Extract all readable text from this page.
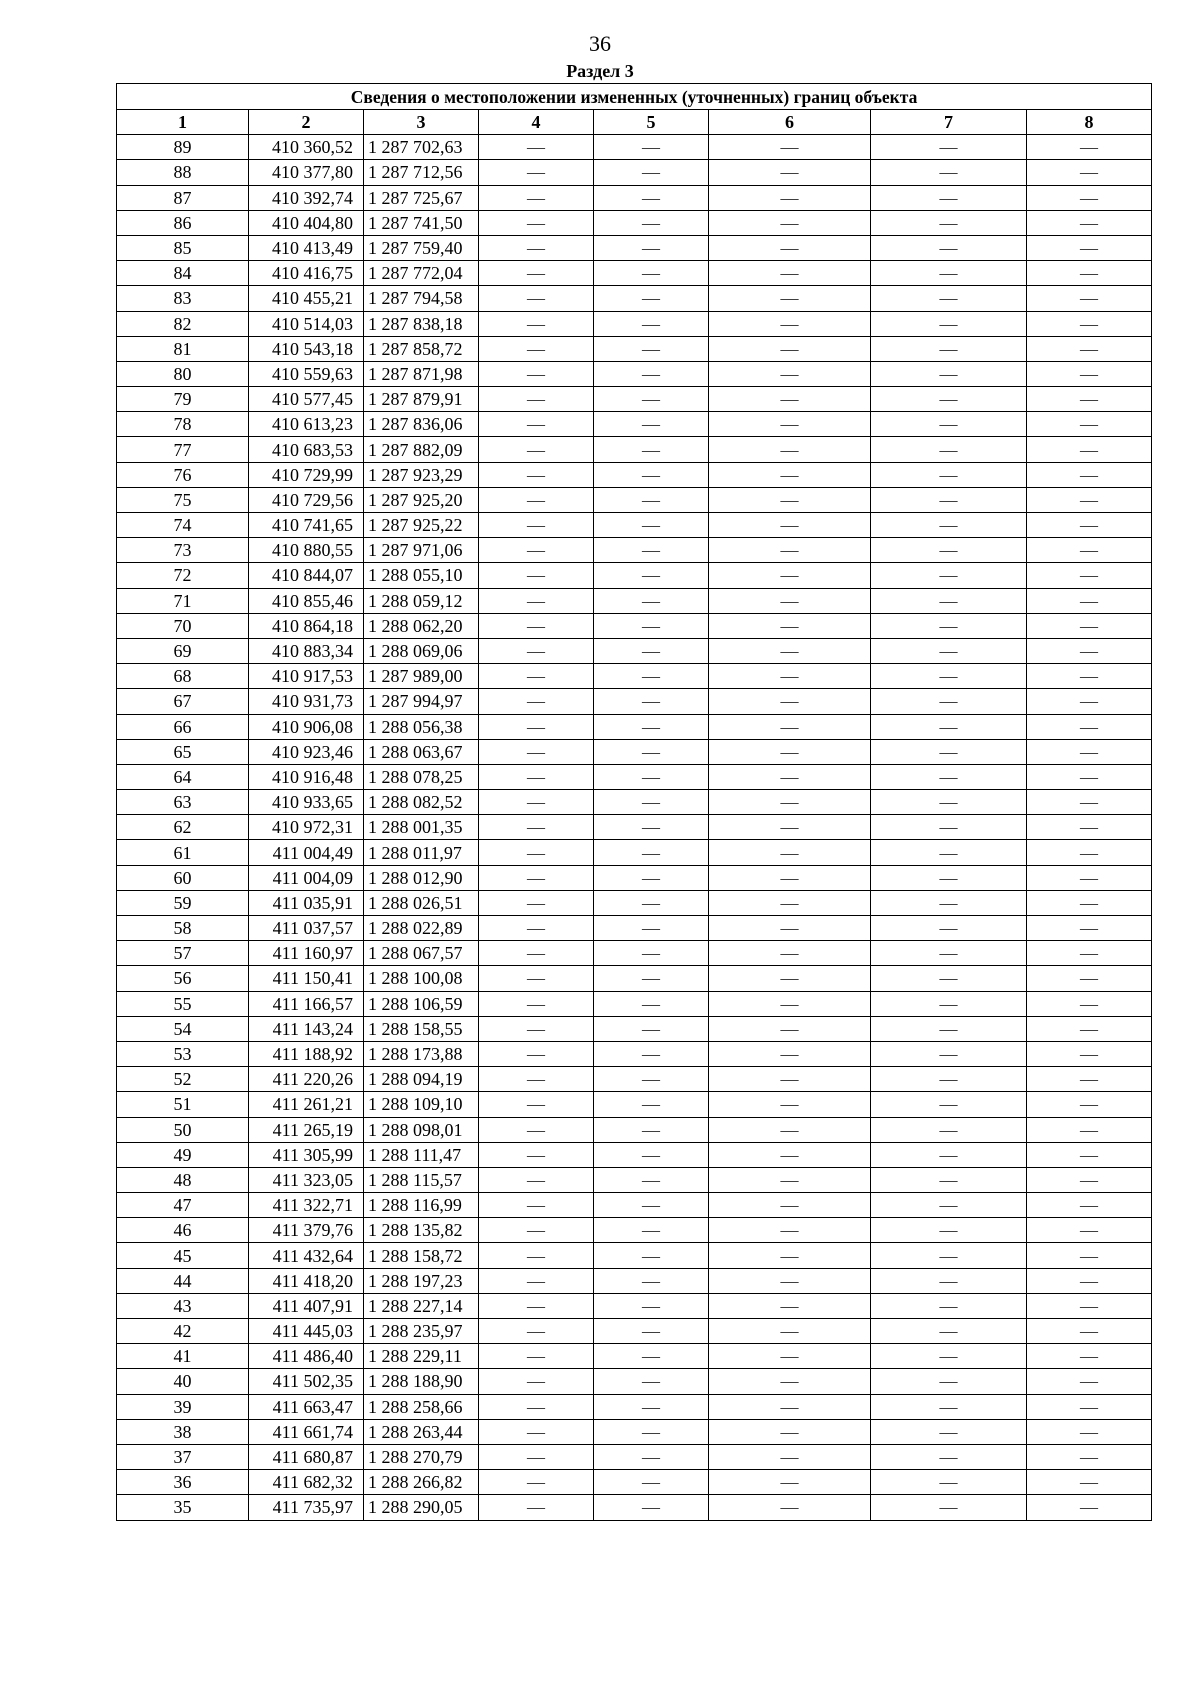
36
Раздел 3
Сведения о местоположении измененных (уточненных) границ объекта							
1	2	3	4	5	6	7	8
89	410 360,52	1 287 702,63	—	—	—	—	—
88	410 377,80	1 287 712,56	—	—	—	—	—
87	410 392,74	1 287 725,67	—	—	—	—	—
86	410 404,80	1 287 741,50	—	—	—	—	—
85	410 413,49	1 287 759,40	—	—	—	—	—
84	410 416,75	1 287 772,04	—	—	—	—	—
83	410 455,21	1 287 794,58	—	—	—	—	—
82	410 514,03	1 287 838,18	—	—	—	—	—
81	410 543,18	1 287 858,72	—	—	—	—	—
80	410 559,63	1 287 871,98	—	—	—	—	—
79	410 577,45	1 287 879,91	—	—	—	—	—
78	410 613,23	1 287 836,06	—	—	—	—	—
77	410 683,53	1 287 882,09	—	—	—	—	—
76	410 729,99	1 287 923,29	—	—	—	—	—
75	410 729,56	1 287 925,20	—	—	—	—	—
74	410 741,65	1 287 925,22	—	—	—	—	—
73	410 880,55	1 287 971,06	—	—	—	—	—
72	410 844,07	1 288 055,10	—	—	—	—	—
71	410 855,46	1 288 059,12	—	—	—	—	—
70	410 864,18	1 288 062,20	—	—	—	—	—
69	410 883,34	1 288 069,06	—	—	—	—	—
68	410 917,53	1 287 989,00	—	—	—	—	—
67	410 931,73	1 287 994,97	—	—	—	—	—
66	410 906,08	1 288 056,38	—	—	—	—	—
65	410 923,46	1 288 063,67	—	—	—	—	—
64	410 916,48	1 288 078,25	—	—	—	—	—
63	410 933,65	1 288 082,52	—	—	—	—	—
62	410 972,31	1 288 001,35	—	—	—	—	—
61	411 004,49	1 288 011,97	—	—	—	—	—
60	411 004,09	1 288 012,90	—	—	—	—	—
59	411 035,91	1 288 026,51	—	—	—	—	—
58	411 037,57	1 288 022,89	—	—	—	—	—
57	411 160,97	1 288 067,57	—	—	—	—	—
56	411 150,41	1 288 100,08	—	—	—	—	—
55	411 166,57	1 288 106,59	—	—	—	—	—
54	411 143,24	1 288 158,55	—	—	—	—	—
53	411 188,92	1 288 173,88	—	—	—	—	—
52	411 220,26	1 288 094,19	—	—	—	—	—
51	411 261,21	1 288 109,10	—	—	—	—	—
50	411 265,19	1 288 098,01	—	—	—	—	—
49	411 305,99	1 288 111,47	—	—	—	—	—
48	411 323,05	1 288 115,57	—	—	—	—	—
47	411 322,71	1 288 116,99	—	—	—	—	—
46	411 379,76	1 288 135,82	—	—	—	—	—
45	411 432,64	1 288 158,72	—	—	—	—	—
44	411 418,20	1 288 197,23	—	—	—	—	—
43	411 407,91	1 288 227,14	—	—	—	—	—
42	411 445,03	1 288 235,97	—	—	—	—	—
41	411 486,40	1 288 229,11	—	—	—	—	—
40	411 502,35	1 288 188,90	—	—	—	—	—
39	411 663,47	1 288 258,66	—	—	—	—	—
38	411 661,74	1 288 263,44	—	—	—	—	—
37	411 680,87	1 288 270,79	—	—	—	—	—
36	411 682,32	1 288 266,82	—	—	—	—	—
35	411 735,97	1 288 290,05	—	—	—	—	—
